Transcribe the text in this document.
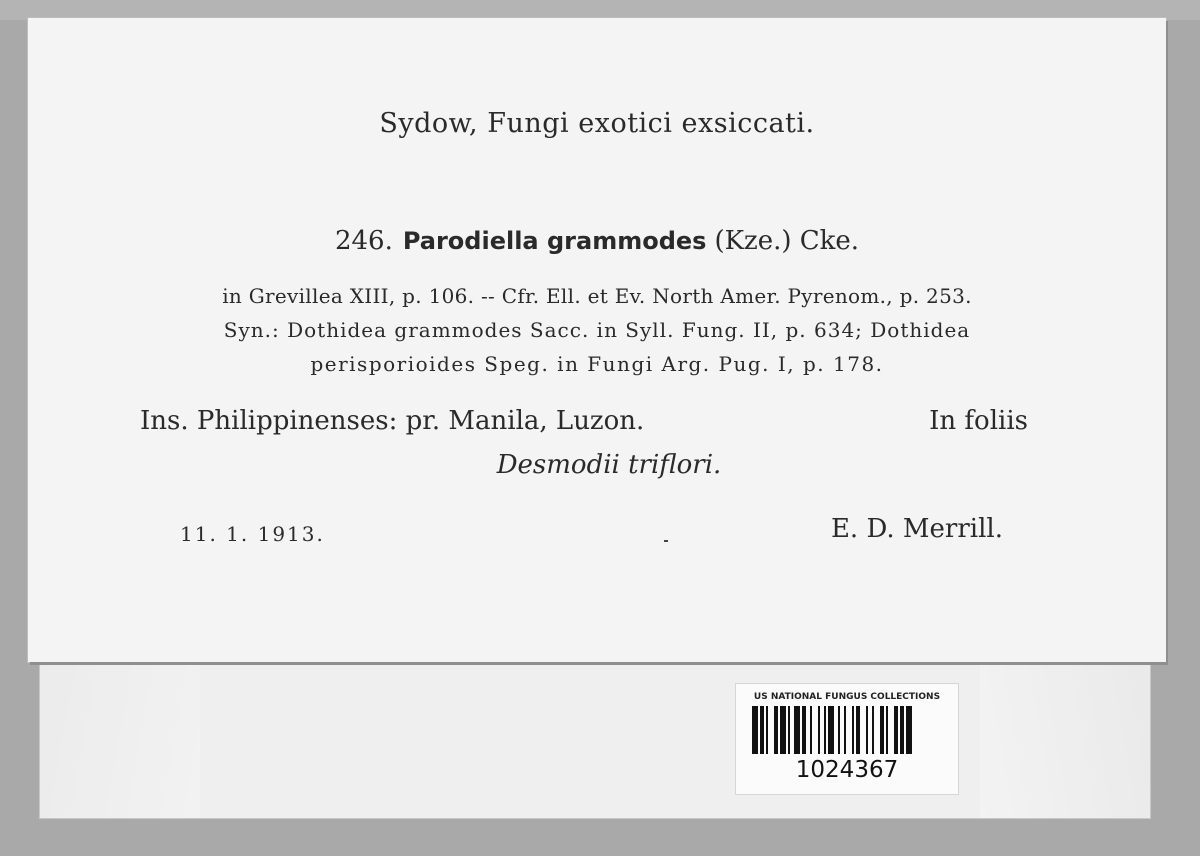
Sydow, Fungi exotici exsiccati.
246. Parodiella grammodes (Kze.) Cke.
in Grevillea XIII, p. 106. -- Cfr. Ell. et Ev. North Amer. Pyrenom., p. 253.
Syn.: Dothidea grammodes Sacc. in Syll. Fung. II, p. 634; Dothidea
perisporioides Speg. in Fungi Arg. Pug. I, p. 178.
Ins. Philippinenses: pr. Manila, Luzon.	In foliis
Desmodii triflori.
11. 1. 1913.	E. D. Merrill.
US NATIONAL FUNGUS COLLECTIONS
1024367
